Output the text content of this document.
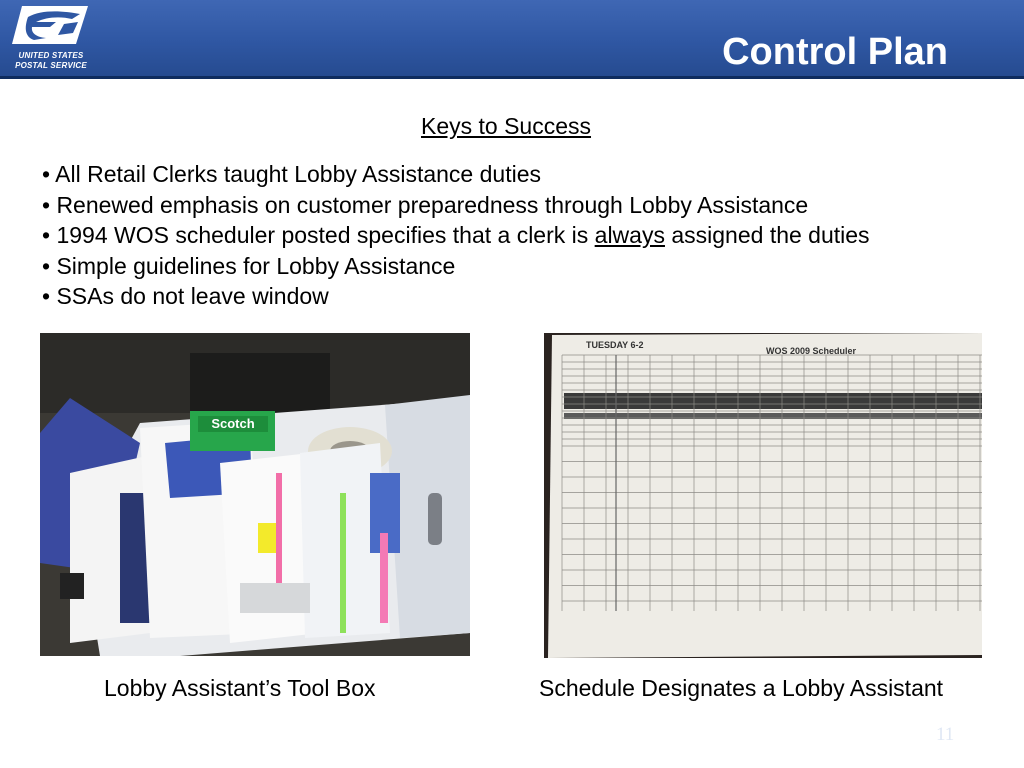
UNITED STATES
POSTAL SERVICE	Control Plan
Keys to Success
• All Retail Clerks taught Lobby Assistance duties
• Renewed emphasis on customer preparedness through Lobby Assistance
• 1994 WOS scheduler posted specifies that a clerk is always assigned the duties
• Simple guidelines for Lobby Assistance
• SSAs do not leave window
Scotch
TUESDAY 6-2
WOS 2009 Scheduler
Lobby Assistant’s Tool Box	Schedule Designates a Lobby Assistant
11
